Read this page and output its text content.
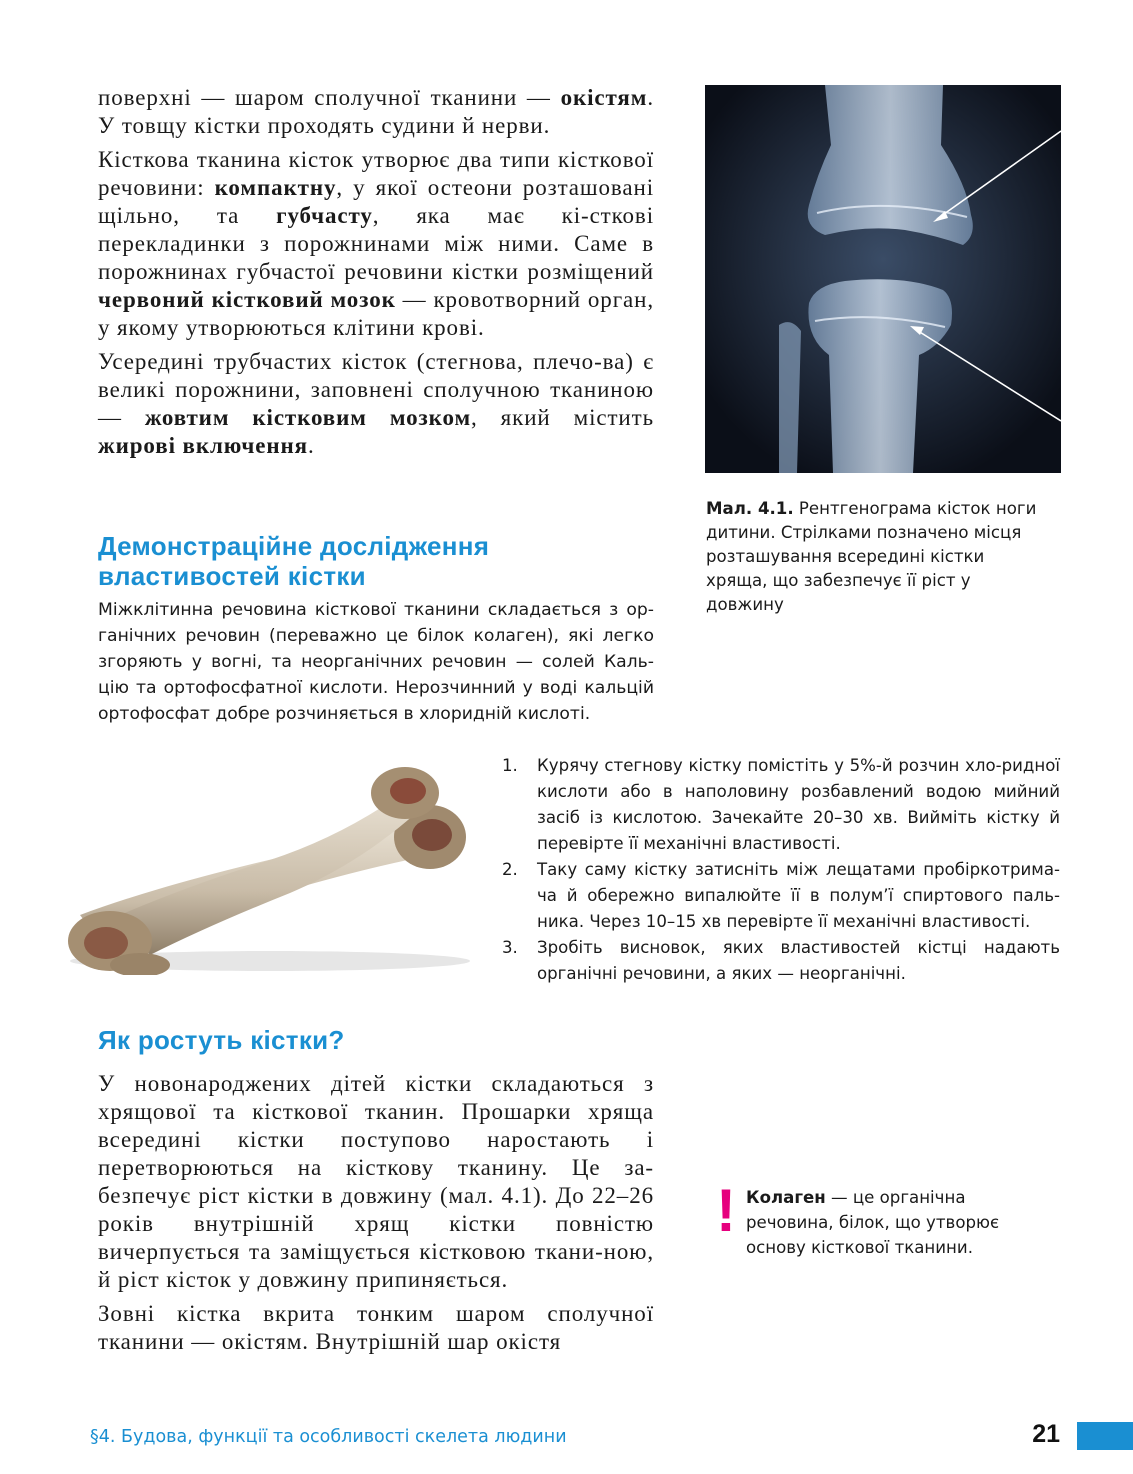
поверхні — шаром сполучної тканини — окістям. У товщу кістки проходять судини й нерви.

Кісткова тканина кісток утворює два типи кісткової речовини: компактну, у якої остеони розташовані щільно, та губчасту, яка має кі-сткові перекладинки з порожнинами між ними. Саме в порожнинах губчастої речовини кістки розміщений червоний кістковий мозок — кровотворний орган, у якому утворюються клітини крові.

Усередині трубчастих кісток (стегнова, плечо-ва) є великі порожнини, заповнені сполучною тканиною — жовтим кістковим мозком, який містить жирові включення.

Мал. 4.1. Рентгенограма кісток ноги дитини. Стрілками позначено місця розташування всередині кістки хряща, що забезпечує її ріст у довжину

Демонстраційне дослідження
властивостей кістки

Міжклітинна речовина кісткової тканини складається з ор-ганічних речовин (переважно це білок колаген), які легко згоряють у вогні, та неорганічних речовин — солей Каль-цію та ортофосфатної кислоти. Нерозчинний у воді кальцій ортофосфат добре розчиняється в хлоридній кислоті.

1. Курячу стегнову кістку помістіть у 5%-й розчин хло-ридної кислоти або в наполовину розбавлений водою мийний засіб із кислотою. Зачекайте 20–30 хв. Вийміть кістку й перевірте її механічні властивості.
2. Таку саму кістку затисніть між лещатами пробіркотрима-ча й обережно випалюйте її в полум’ї спиртового паль-ника. Через 10–15 хв перевірте її механічні властивості.
3. Зробіть висновок, яких властивостей кістці надають органічні речовини, а яких — неорганічні.
Як ростуть кістки?

У новонароджених дітей кістки складаються з хрящової та кісткової тканин. Прошарки хряща всередині кістки поступово наростають і перетворюються на кісткову тканину. Це за-безпечує ріст кістки в довжину (мал. 4.1). До 22–26 років внутрішній хрящ кістки повністю вичерпується та заміщується кістковою ткани-ною, й ріст кісток у довжину припиняється.

Зовні кістка вкрита тонким шаром сполучної тканини — окістям. Внутрішній шар окістя

! Колаген — це органічна речовина, білок, що утворює основу кісткової тканини.

§4. Будова, функції та особливості скелета людини	21
